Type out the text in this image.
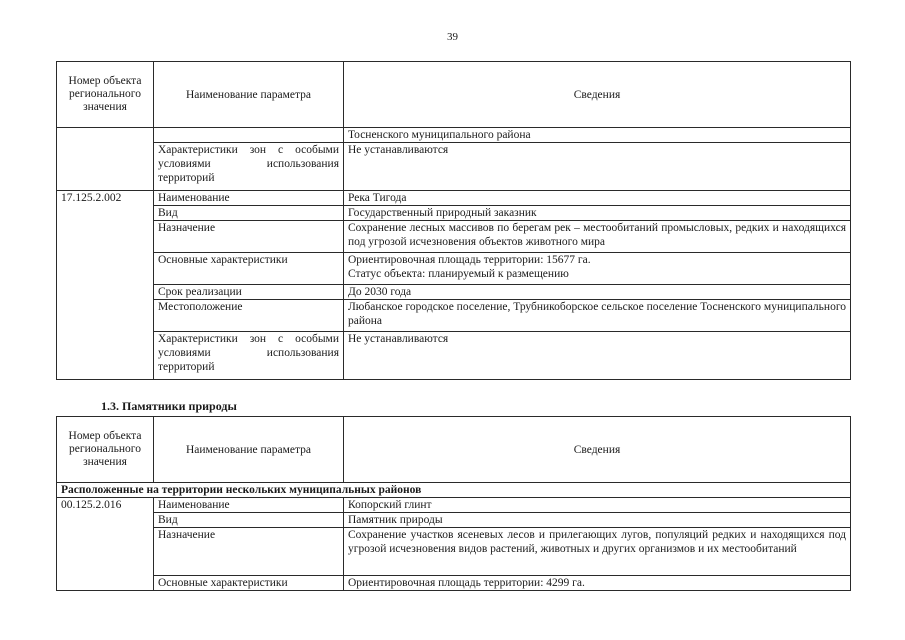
39
Номер объекта регионального значения	Наименование параметра	Сведения
		Тосненского муниципального района

	Характеристики зон с особыми условиями использования территорий	Не устанавливаются
17.125.2.002	Наименование	Река Тигода
	Вид	Государственный природный заказник
	Назначение	Сохранение лесных массивов по берегам рек – местообитаний промысловых, редких и находящихся под угрозой исчезновения объектов животного мира

	Основные характеристики	Ориентировочная площадь территории: 15677 га.
Статус объекта: планируемый к размещению

	Срок реализации	До 2030 года
	Местоположение	Любанское городское поселение, Трубникоборское сельское поселение Тосненского муниципального района

	Характеристики зон с особыми условиями использования территорий	Не устанавливаются
1.3. Памятники природы
Номер объекта регионального значения	Наименование параметра	Сведения
Расположенные на территории нескольких муниципальных районов		
00.125.2.016	Наименование	Копорский глинт
	Вид	Памятник природы
	Назначение	Сохранение участков ясеневых лесов и прилегающих лугов, популяций редких и находящихся под угрозой исчезновения видов растений, животных и других организмов и их местообитаний

	Основные характеристики	Ориентировочная площадь территории: 4299 га.
